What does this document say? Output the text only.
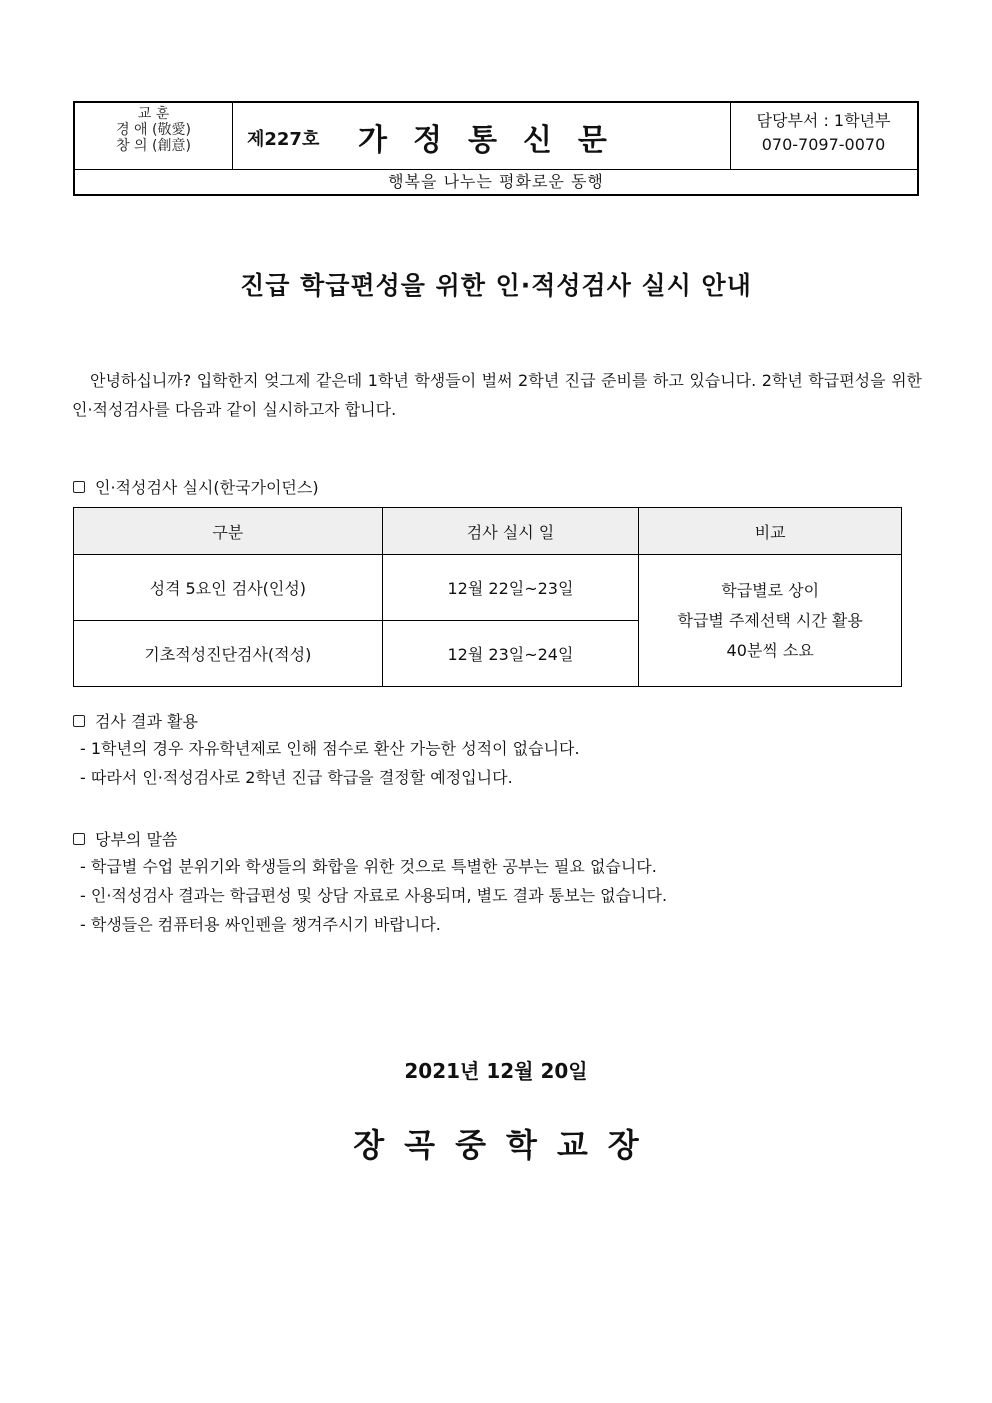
교 훈
경 애 (敬愛)
창 의 (創意)	제227호 가정통신문
담당부서 : 1학년부
070-7097-0070
행복을 나누는 평화로운 동행
진급 학급편성을 위한 인·적성검사 실시 안내

안녕하십니까? 입학한지 엊그제 같은데 1학년 학생들이 벌써 2학년 진급 준비를 하고 있습니다. 2학년 학급편성을 위한 인·적성검사를 다음과 같이 실시하고자 합니다.

인·적성검사 실시(한국가이던스)
구분	검사 실시 일	비교
성격 5요인 검사(인성)	12월 22일~23일	학급별로 상이
학급별 주제선택 시간 활용
40분씩 소요

기초적성진단검사(적성)	12월 23일~24일	
검사 결과 활용
- 1학년의 경우 자유학년제로 인해 점수로 환산 가능한 성적이 없습니다.
- 따라서 인·적성검사로 2학년 진급 학급을 결정할 예정입니다.
당부의 말씀
- 학급별 수업 분위기와 학생들의 화합을 위한 것으로 특별한 공부는 필요 없습니다.
- 인·적성검사 결과는 학급편성 및 상담 자료로 사용되며, 별도 결과 통보는 없습니다.
- 학생들은 컴퓨터용 싸인펜을 챙겨주시기 바랍니다.
2021년 12월 20일
장곡중학교장
